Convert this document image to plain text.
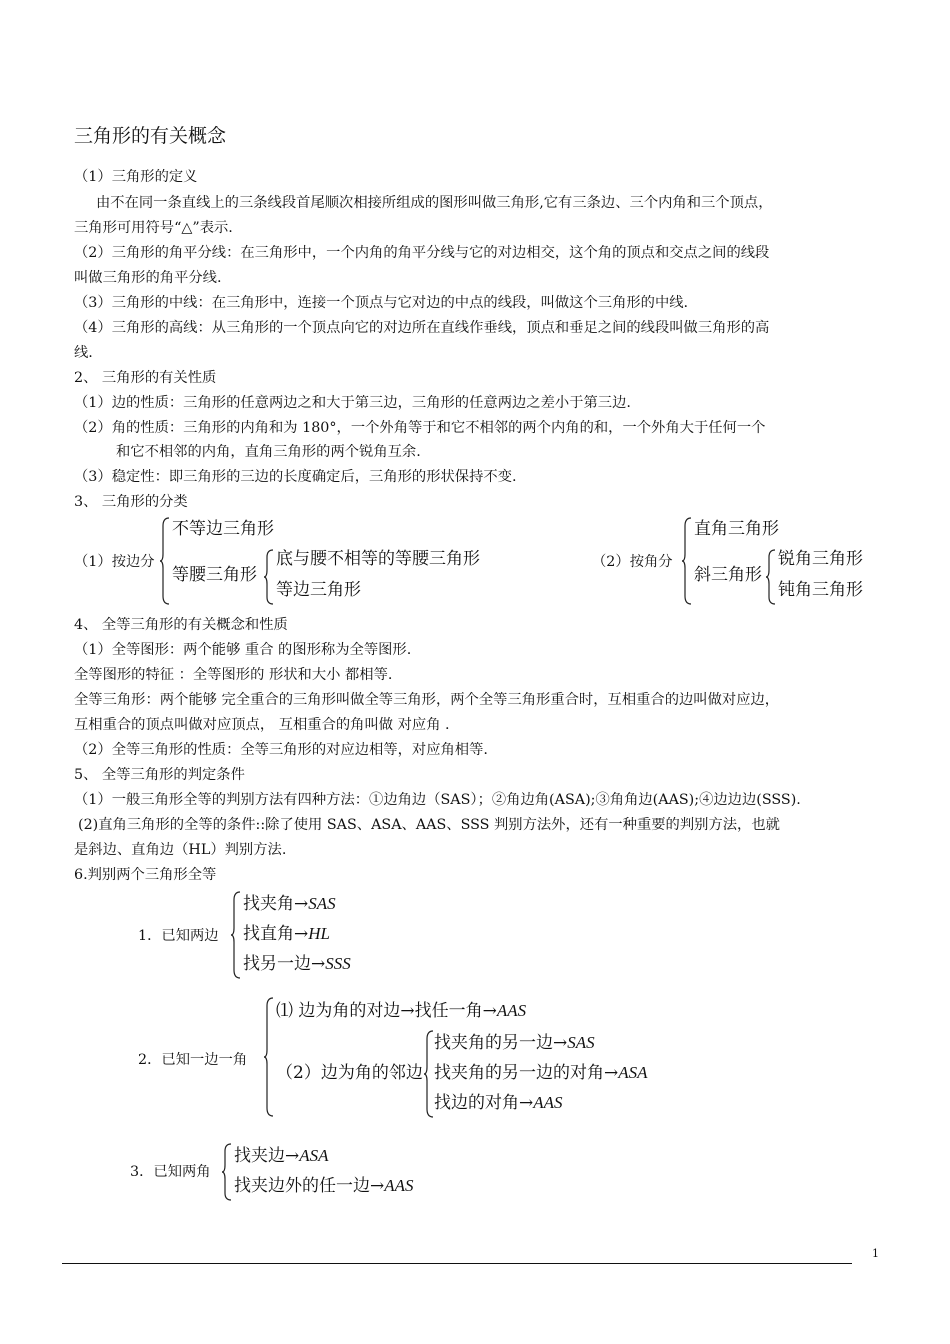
三角形的有关概念
（1）三角形的定义
由不在同一条直线上的三条线段首尾顺次相接所组成的图形叫做三角形,它有三条边、三个内角和三个顶点，
三角形可用符号“△”表示.
（2）三角形的角平分线：在三角形中，一个内角的角平分线与它的对边相交，这个角的顶点和交点之间的线段
叫做三角形的角平分线.
（3）三角形的中线：在三角形中，连接一个顶点与它对边的中点的线段，叫做这个三角形的中线.
（4）三角形的高线：从三角形的一个顶点向它的对边所在直线作垂线，顶点和垂足之间的线段叫做三角形的高
线.
2、 三角形的有关性质
（1）边的性质：三角形的任意两边之和大于第三边，三角形的任意两边之差小于第三边.
（2）角的性质：三角形的内角和为 180°，一个外角等于和它不相邻的两个内角的和，一个外角大于任何一个
和它不相邻的内角，直角三角形的两个锐角互余.
（3）稳定性：即三角形的三边的长度确定后，三角形的形状保持不变.
3、 三角形的分类
（1）按边分
不等边三角形
等腰三角形
底与腰不相等的等腰三角形
等边三角形
（2）按角分
直角三角形
斜三角形
锐角三角形
钝角三角形
4、 全等三角形的有关概念和性质
（1）全等图形：两个能够 重合 的图形称为全等图形.
全等图形的特征 ：全等图形的 形状和大小 都相等.
全等三角形：两个能够 完全重合的三角形叫做全等三角形，两个全等三角形重合时，互相重合的边叫做对应边，
互相重合的顶点叫做对应顶点， 互相重合的角叫做 对应角 .
（2）全等三角形的性质：全等三角形的对应边相等，对应角相等.
5、 全等三角形的判定条件
（1）一般三角形全等的判别方法有四种方法：①边角边（SAS）；②角边角(ASA);③角角边(AAS);④边边边(SSS).
(2)直角三角形的全等的条件::除了使用 SAS、ASA、AAS、SSS 判别方法外，还有一种重要的判别方法，也就
是斜边、直角边（HL）判别方法.
6.判别两个三角形全等
1．已知两边
找夹角→SAS
找直角→HL
找另一边→SSS
2．已知一边一角
⑴ 边为角的对边→找任一角→AAS
（2）边为角的邻边
找夹角的另一边→SAS
找夹角的另一边的对角→ASA
找边的对角→AAS
3．已知两角
找夹边→ASA
找夹边外的任一边→AAS
1
